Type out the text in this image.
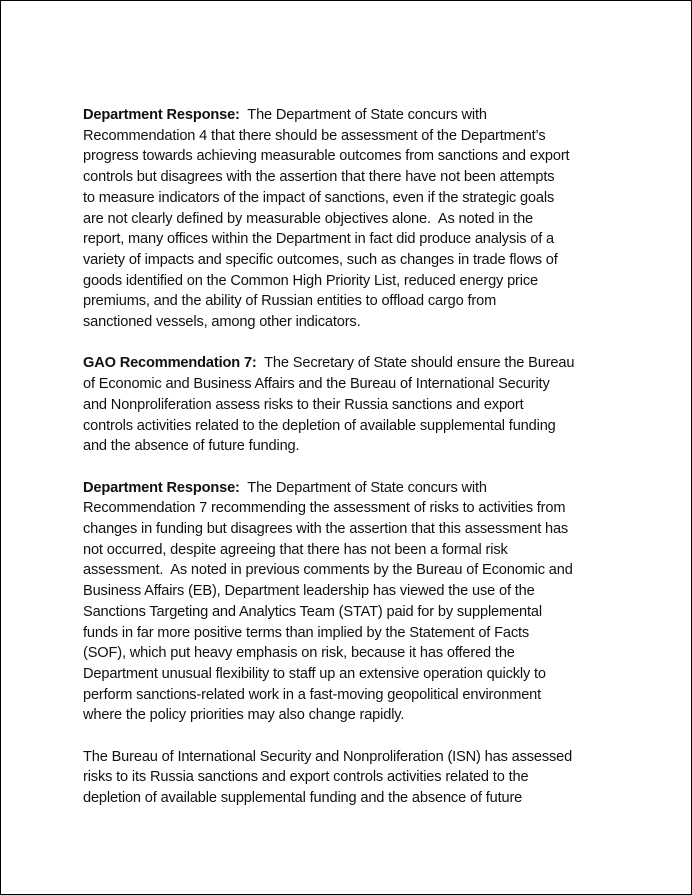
Department Response:  The Department of State concurs with
Recommendation 4 that there should be assessment of the Department’s
progress towards achieving measurable outcomes from sanctions and export
controls but disagrees with the assertion that there have not been attempts
to measure indicators of the impact of sanctions, even if the strategic goals
are not clearly defined by measurable objectives alone.  As noted in the
report, many offices within the Department in fact did produce analysis of a
variety of impacts and specific outcomes, such as changes in trade flows of
goods identified on the Common High Priority List, reduced energy price
premiums, and the ability of Russian entities to offload cargo from
sanctioned vessels, among other indicators.
GAO Recommendation 7:  The Secretary of State should ensure the Bureau
of Economic and Business Affairs and the Bureau of International Security
and Nonproliferation assess risks to their Russia sanctions and export
controls activities related to the depletion of available supplemental funding
and the absence of future funding.
Department Response:  The Department of State concurs with
Recommendation 7 recommending the assessment of risks to activities from
changes in funding but disagrees with the assertion that this assessment has
not occurred, despite agreeing that there has not been a formal risk
assessment.  As noted in previous comments by the Bureau of Economic and
Business Affairs (EB), Department leadership has viewed the use of the
Sanctions Targeting and Analytics Team (STAT) paid for by supplemental
funds in far more positive terms than implied by the Statement of Facts
(SOF), which put heavy emphasis on risk, because it has offered the
Department unusual flexibility to staff up an extensive operation quickly to
perform sanctions-related work in a fast-moving geopolitical environment
where the policy priorities may also change rapidly.
The Bureau of International Security and Nonproliferation (ISN) has assessed
risks to its Russia sanctions and export controls activities related to the
depletion of available supplemental funding and the absence of future
